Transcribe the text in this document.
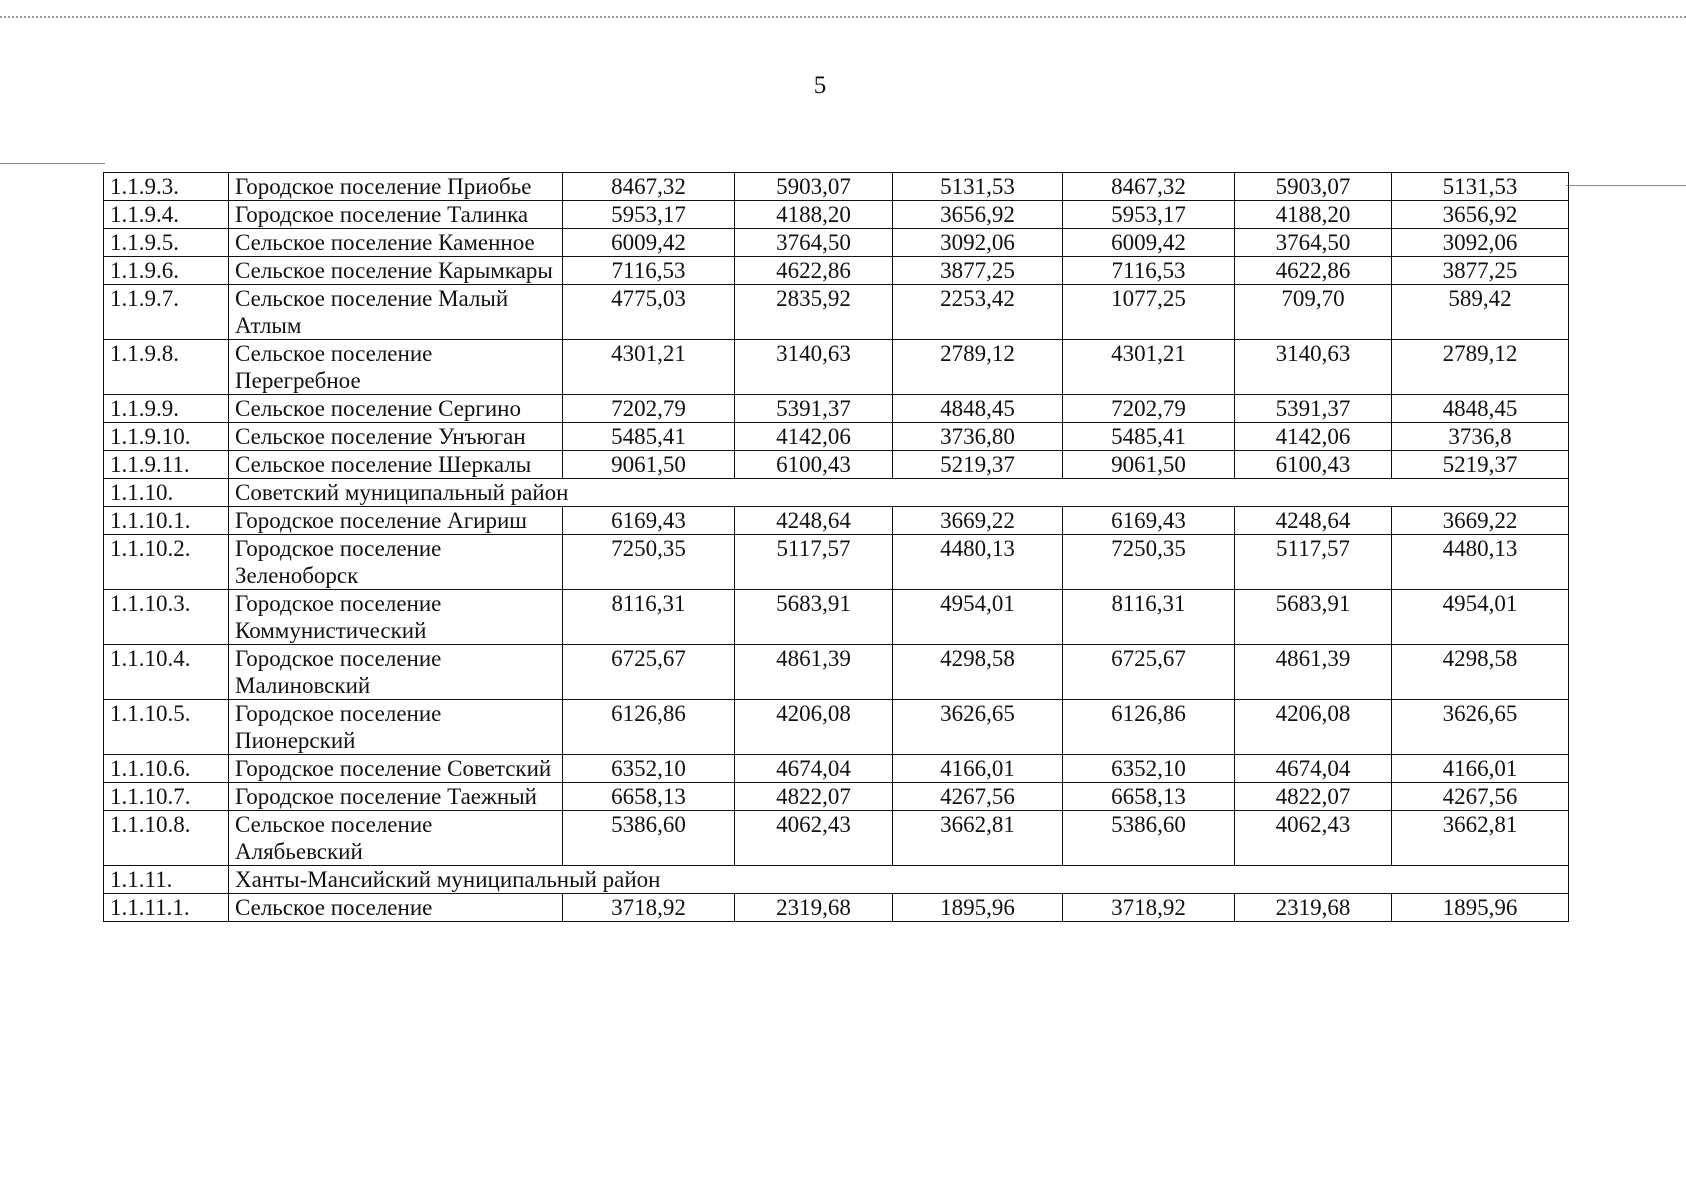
5
1.1.9.3.	Городское поселение Приобье	8467,32	5903,07	5131,53	8467,32	5903,07	5131,53
1.1.9.4.	Городское поселение Талинка	5953,17	4188,20	3656,92	5953,17	4188,20	3656,92
1.1.9.5.	Сельское поселение Каменное	6009,42	3764,50	3092,06	6009,42	3764,50	3092,06
1.1.9.6.	Сельское поселение Карымкары	7116,53	4622,86	3877,25	7116,53	4622,86	3877,25
1.1.9.7.	Сельское поселение Малый Атлым	4775,03	2835,92	2253,42	1077,25	709,70	589,42
1.1.9.8.	Сельское поселение Перегребное	4301,21	3140,63	2789,12	4301,21	3140,63	2789,12
1.1.9.9.	Сельское поселение Сергино	7202,79	5391,37	4848,45	7202,79	5391,37	4848,45
1.1.9.10.	Сельское поселение Унъюган	5485,41	4142,06	3736,80	5485,41	4142,06	3736,8
1.1.9.11.	Сельское поселение Шеркалы	9061,50	6100,43	5219,37	9061,50	6100,43	5219,37
1.1.10.	Советский муниципальный район						
1.1.10.1.	Городское поселение Агириш	6169,43	4248,64	3669,22	6169,43	4248,64	3669,22
1.1.10.2.	Городское поселение Зеленоборск	7250,35	5117,57	4480,13	7250,35	5117,57	4480,13
1.1.10.3.	Городское поселение Коммунистический	8116,31	5683,91	4954,01	8116,31	5683,91	4954,01
1.1.10.4.	Городское поселение Малиновский	6725,67	4861,39	4298,58	6725,67	4861,39	4298,58
1.1.10.5.	Городское поселение Пионерский	6126,86	4206,08	3626,65	6126,86	4206,08	3626,65
1.1.10.6.	Городское поселение Советский	6352,10	4674,04	4166,01	6352,10	4674,04	4166,01
1.1.10.7.	Городское поселение Таежный	6658,13	4822,07	4267,56	6658,13	4822,07	4267,56
1.1.10.8.	Сельское поселение Алябьевский	5386,60	4062,43	3662,81	5386,60	4062,43	3662,81
1.1.11.	Ханты-Мансийский муниципальный район						
1.1.11.1.	Сельское поселение	3718,92	2319,68	1895,96	3718,92	2319,68	1895,96
